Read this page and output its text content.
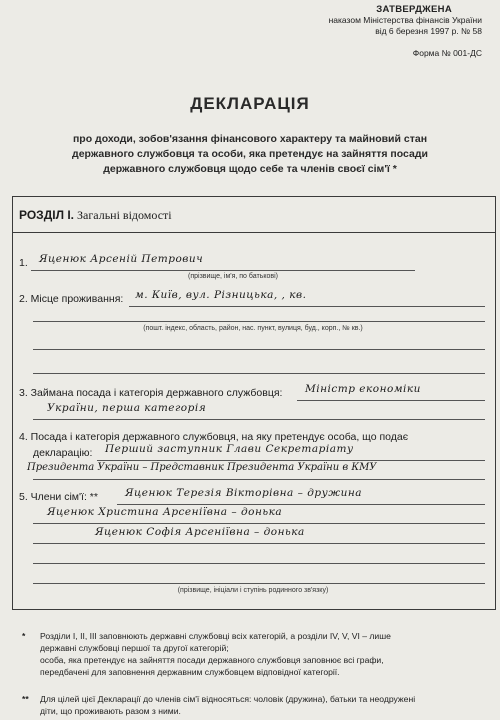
ЗАТВЕРДЖЕНА
наказом Міністерства фінансів України
від 6 березня 1997 р. № 58
Форма № 001-ДС
ДЕКЛАРАЦІЯ
про доходи, зобов'язання фінансового характеру та майновий стан
державного службовця та особи, яка претендує на зайняття посади
державного службовця щодо себе та членів своєї сім'ї *
РОЗДІЛ І. Загальні відомості
1. Яценюк Арсеній Петрович
(прізвище, ім'я, по батькові)
2. Місце проживання: м. Київ, вул. Різницька, , кв.
(пошт. індекс, область, район, нас. пункт, вулиця, буд., корп., № кв.)
3. Займана посада і категорія державного службовця: Міністр економіки
України, перша категорія
4. Посада і категорія державного службовця, на яку претендує особа, що подає
декларацію: Перший заступник Глави Секретаріату
Президента України – Представник Президента України в КМУ
5. Члени сім'ї: **	Яценюк Терезія Вікторівна – дружина
Яценюк Христина Арсеніївна – донька
Яценюк Софія Арсеніївна – донька
(прізвище, ініціали і ступінь родинного зв'язку)
* Розділи І, ІІ, ІІІ заповнюють державні службовці всіх категорій, а розділи IV, V, VI – лише
державні службовці першої та другої категорій;
особа, яка претендує на зайняття посади державного службовця заповнює всі графи,
передбачені для заповнення державним службовцем відповідної категорії.
** Для цілей цієї Декларації до членів сім'ї відносяться: чоловік (дружина), батьки та неодружені
діти, що проживають разом з ними.
